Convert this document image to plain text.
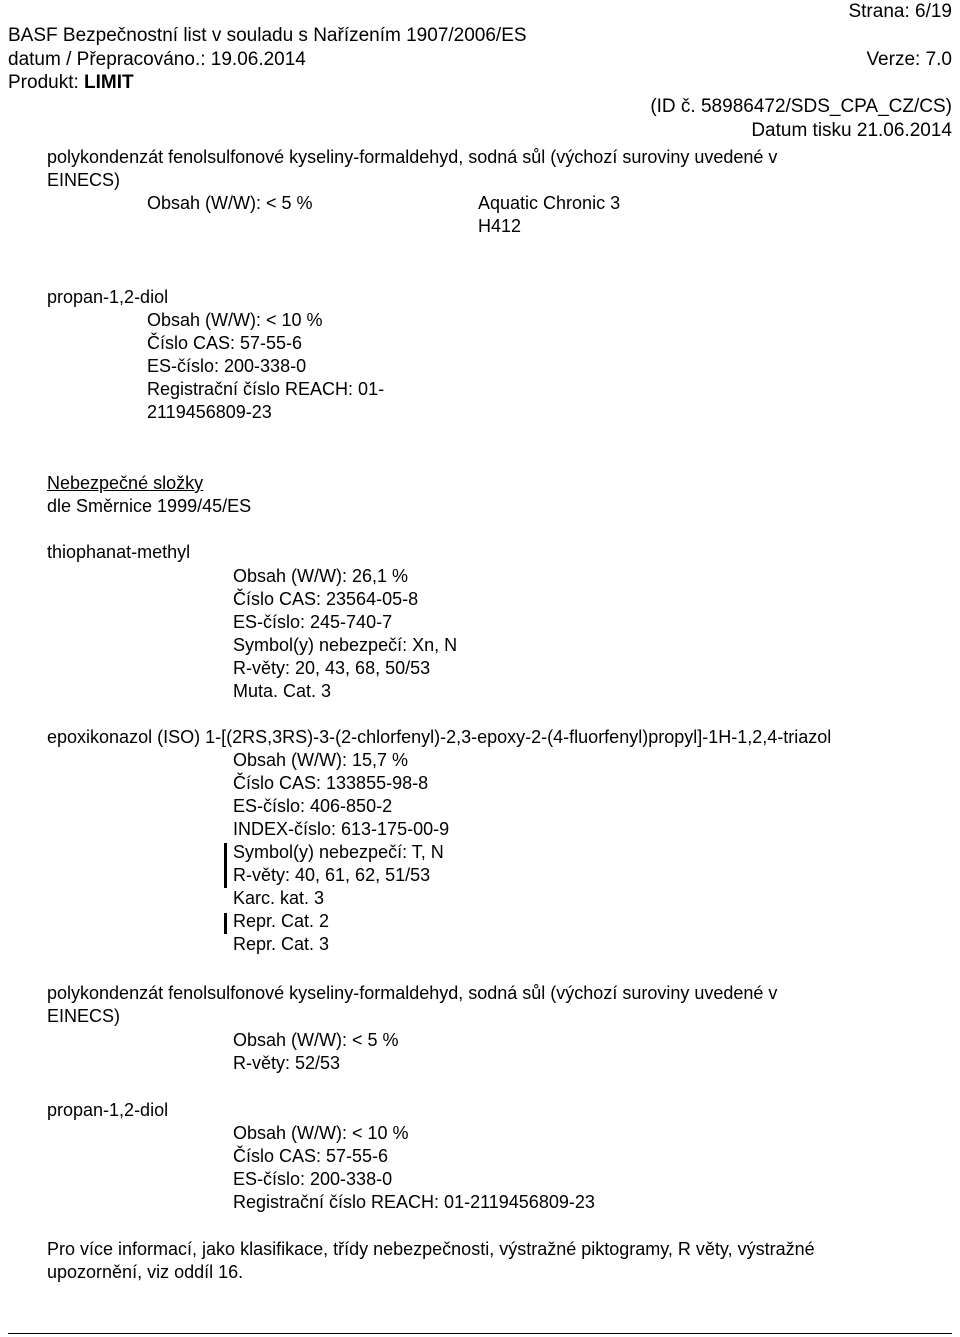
Strana: 6/19
BASF Bezpečnostní list v souladu s Nařízením 1907/2006/ES
datum / Přepracováno.: 19.06.2014	Verze: 7.0
Produkt: LIMIT
(ID č. 58986472/SDS_CPA_CZ/CS)
Datum tisku 21.06.2014
polykondenzát fenolsulfonové kyseliny-formaldehyd, sodná sůl (výchozí suroviny uvedené v
EINECS)
Obsah (W/W): < 5 %	Aquatic Chronic 3
H412
propan-1,2-diol
Obsah (W/W): < 10 %
Číslo CAS: 57-55-6
ES-číslo: 200-338-0
Registrační číslo REACH: 01-
2119456809-23
Nebezpečné složky
dle Směrnice 1999/45/ES
thiophanat-methyl
Obsah (W/W): 26,1 %
Číslo CAS: 23564-05-8
ES-číslo: 245-740-7
Symbol(y) nebezpečí: Xn, N
R-věty: 20, 43, 68, 50/53
Muta. Cat. 3
epoxikonazol (ISO) 1-[(2RS,3RS)-3-(2-chlorfenyl)-2,3-epoxy-2-(4-fluorfenyl)propyl]-1H-1,2,4-triazol
Obsah (W/W): 15,7 %
Číslo CAS: 133855-98-8
ES-číslo: 406-850-2
INDEX-číslo: 613-175-00-9
Symbol(y) nebezpečí: T, N
R-věty: 40, 61, 62, 51/53
Karc. kat. 3
Repr. Cat. 2
Repr. Cat. 3
polykondenzát fenolsulfonové kyseliny-formaldehyd, sodná sůl (výchozí suroviny uvedené v
EINECS)
Obsah (W/W): < 5 %
R-věty: 52/53
propan-1,2-diol
Obsah (W/W): < 10 %
Číslo CAS: 57-55-6
ES-číslo: 200-338-0
Registrační číslo REACH: 01-2119456809-23
Pro více informací, jako klasifikace, třídy nebezpečnosti, výstražné piktogramy, R věty, výstražné
upozornění, viz oddíl 16.
